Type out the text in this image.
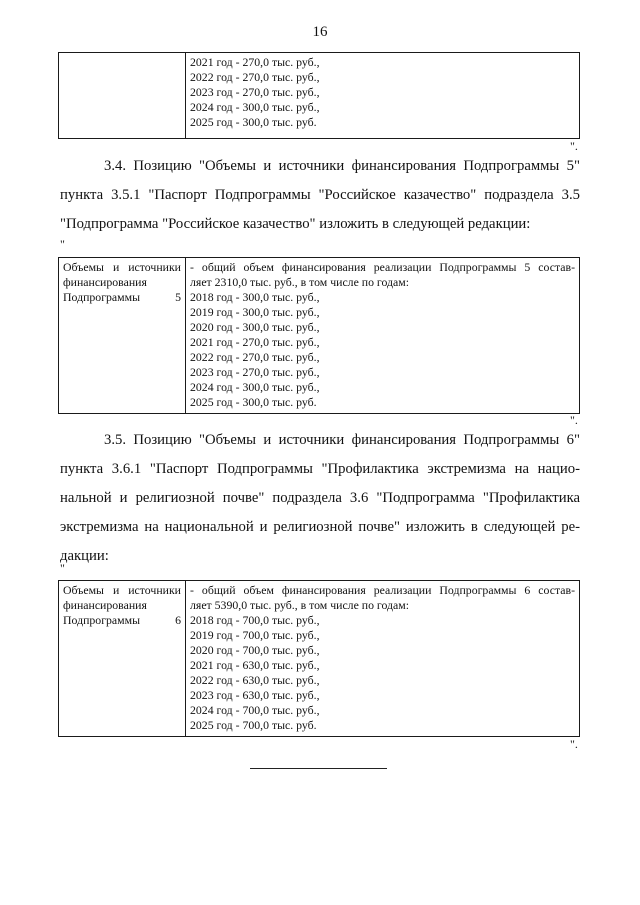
16

2021 год - 270,0 тыс. руб.,
2022 год - 270,0 тыс. руб.,
2023 год - 270,0 тыс. руб.,
2024 год - 300,0 тыс. руб.,
2025 год - 300,0 тыс. руб.
".
3.4. Позицию "Объемы и источники финансирования Подпрограммы 5"
пункта 3.5.1 "Паспорт Подпрограммы "Российское казачество" подраздела 3.5
"Подпрограмма "Российское казачество" изложить в следующей редакции:
"
Объемы и источники
финансирования
Подпрограммы 5

- общий объем финансирования реализации Подпрограммы 5 состав-
ляет 2310,0 тыс. руб., в том числе по годам:
2018 год - 300,0 тыс. руб.,
2019 год - 300,0 тыс. руб.,
2020 год - 300,0 тыс. руб.,
2021 год - 270,0 тыс. руб.,
2022 год - 270,0 тыс. руб.,
2023 год - 270,0 тыс. руб.,
2024 год - 300,0 тыс. руб.,
2025 год - 300,0 тыс. руб.
".
3.5. Позицию "Объемы и источники финансирования Подпрограммы 6"
пункта 3.6.1 "Паспорт Подпрограммы "Профилактика экстремизма на нацио-
нальной и религиозной почве" подраздела 3.6 "Подпрограмма "Профилактика
экстремизма на национальной и религиозной почве" изложить в следующей ре-
дакции:
"
Объемы и источники
финансирования
Подпрограммы 6

- общий объем финансирования реализации Подпрограммы 6 состав-
ляет 5390,0 тыс. руб., в том числе по годам:
2018 год - 700,0 тыс. руб.,
2019 год - 700,0 тыс. руб.,
2020 год - 700,0 тыс. руб.,
2021 год - 630,0 тыс. руб.,
2022 год - 630,0 тыс. руб.,
2023 год - 630,0 тыс. руб.,
2024 год - 700,0 тыс. руб.,
2025 год - 700,0 тыс. руб.
".
